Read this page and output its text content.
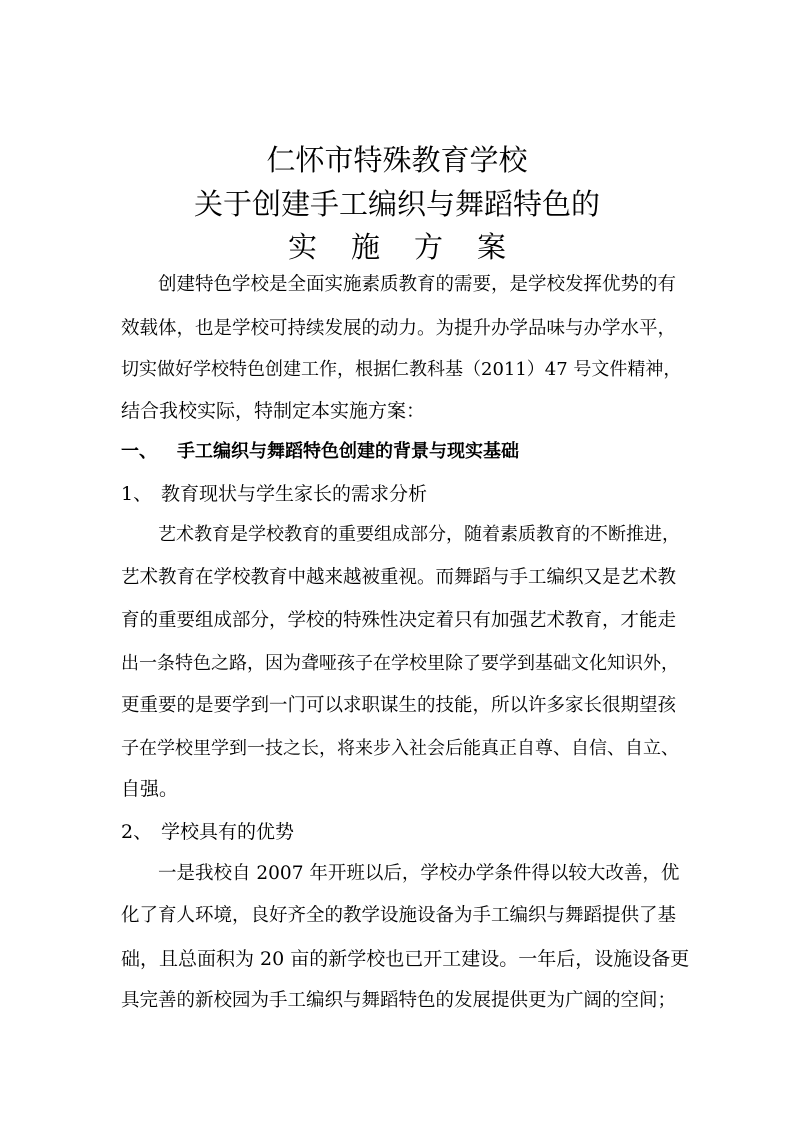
仁怀市特殊教育学校
关于创建手工编织与舞蹈特色的
实施方案
创建特色学校是全面实施素质教育的需要，是学校发挥优势的有
效载体，也是学校可持续发展的动力。为提升办学品味与办学水平，
切实做好学校特色创建工作，根据仁教科基（2011）47 号文件精神，
结合我校实际，特制定本实施方案：
一、 手工编织与舞蹈特色创建的背景与现实基础
1、 教育现状与学生家长的需求分析
艺术教育是学校教育的重要组成部分，随着素质教育的不断推进，
艺术教育在学校教育中越来越被重视。而舞蹈与手工编织又是艺术教
育的重要组成部分，学校的特殊性决定着只有加强艺术教育，才能走
出一条特色之路，因为聋哑孩子在学校里除了要学到基础文化知识外，
更重要的是要学到一门可以求职谋生的技能，所以许多家长很期望孩
子在学校里学到一技之长，将来步入社会后能真正自尊、自信、自立、
自强。
2、 学校具有的优势
一是我校自 2007 年开班以后，学校办学条件得以较大改善，优
化了育人环境，良好齐全的教学设施设备为手工编织与舞蹈提供了基
础，且总面积为 20 亩的新学校也已开工建设。一年后，设施设备更
具完善的新校园为手工编织与舞蹈特色的发展提供更为广阔的空间；
